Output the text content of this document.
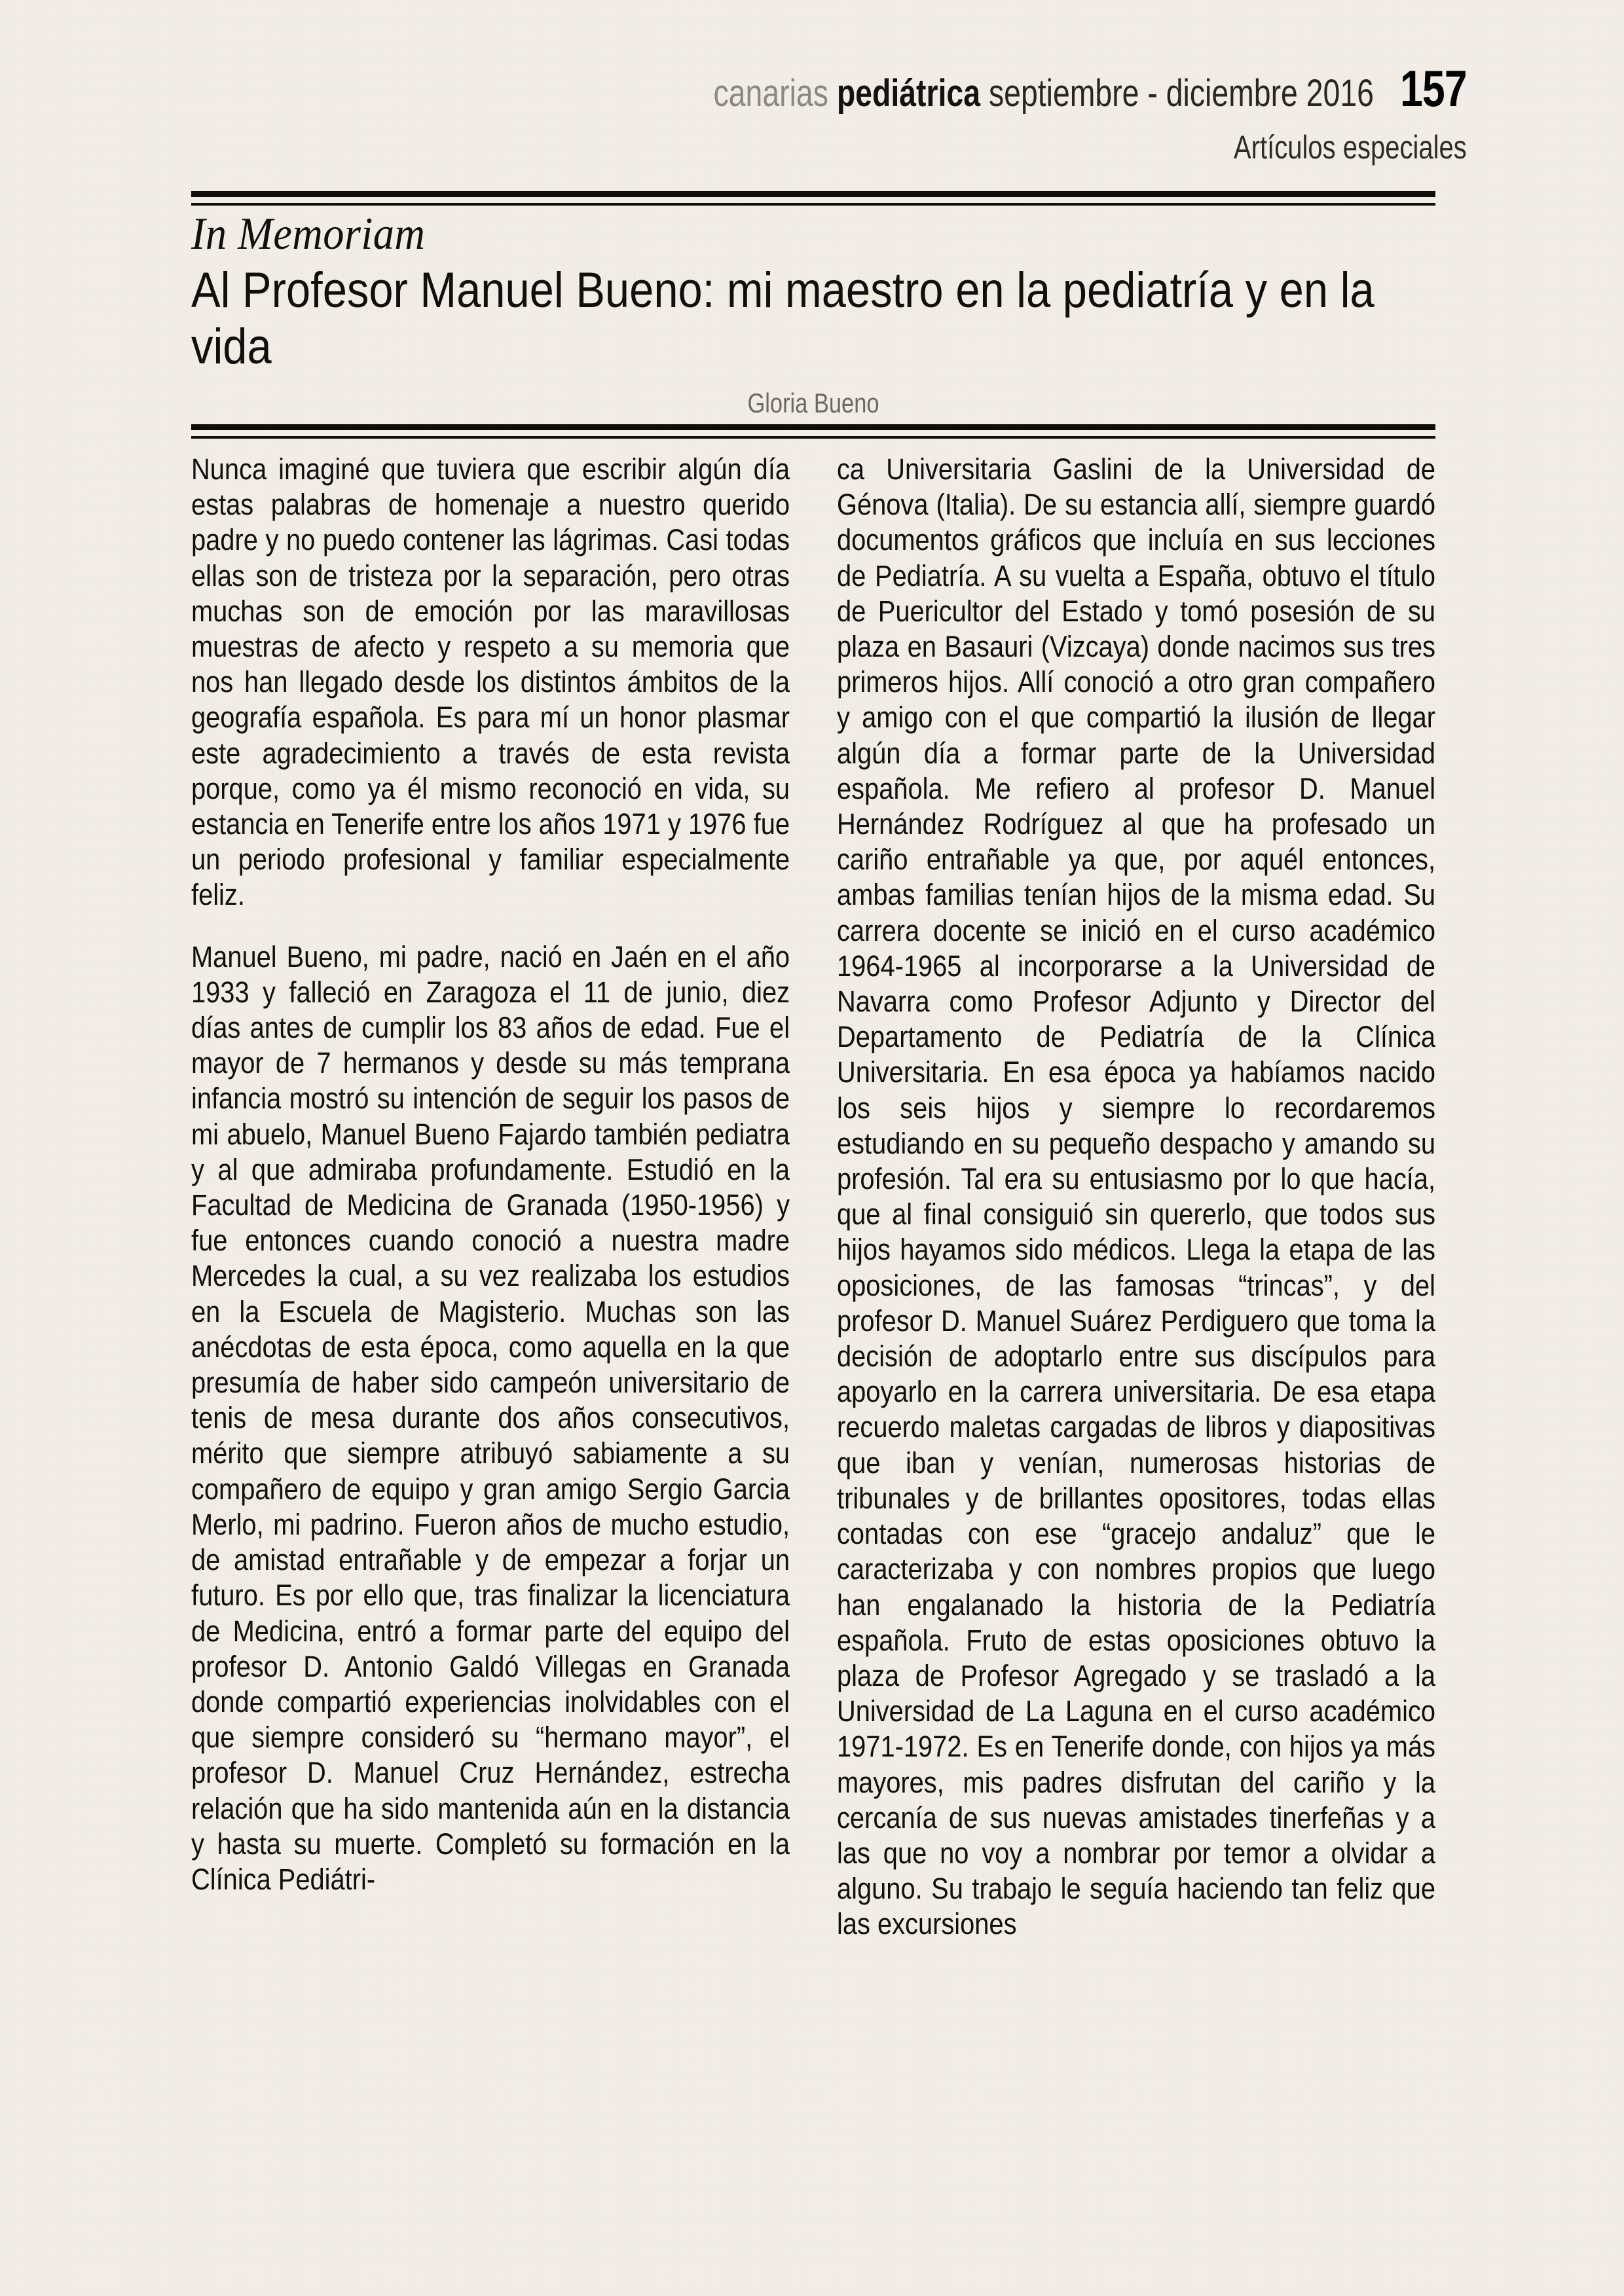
canarias pediátrica septiembre - diciembre 2016 157
Artículos especiales
In Memoriam
Al Profesor Manuel Bueno: mi maestro en la pediatría y en la vida
Gloria Bueno

Nunca imaginé que tuviera que escribir algún día estas palabras de homenaje a nuestro querido padre y no puedo contener las lágrimas. Casi todas ellas son de tristeza por la separación, pero otras muchas son de emoción por las maravillosas muestras de afecto y respeto a su memoria que nos han llegado desde los distintos ámbitos de la geografía española. Es para mí un honor plasmar este agradecimiento a través de esta revista porque, como ya él mismo reconoció en vida, su estancia en Tenerife entre los años 1971 y 1976 fue un periodo profesional y familiar especialmente feliz.

Manuel Bueno, mi padre, nació en Jaén en el año 1933 y falleció en Zaragoza el 11 de junio, diez días antes de cumplir los 83 años de edad. Fue el mayor de 7 hermanos y desde su más temprana infancia mostró su intención de seguir los pasos de mi abuelo, Manuel Bueno Fajardo también pediatra y al que admiraba profundamente. Estudió en la Facultad de Medicina de Granada (1950-1956) y fue entonces cuando conoció a nuestra madre Mercedes la cual, a su vez realizaba los estudios en la Escuela de Magisterio. Muchas son las anécdotas de esta época, como aquella en la que presumía de haber sido campeón universitario de tenis de mesa durante dos años consecutivos, mérito que siempre atribuyó sabiamente a su compañero de equipo y gran amigo Sergio Garcia Merlo, mi padrino. Fueron años de mucho estudio, de amistad entrañable y de empezar a forjar un futuro. Es por ello que, tras finalizar la licenciatura de Medicina, entró a formar parte del equipo del profesor D. Antonio Galdó Villegas en Granada donde compartió experiencias inolvidables con el que siempre consideró su “hermano mayor”, el profesor D. Manuel Cruz Hernández, estrecha relación que ha sido mantenida aún en la distancia y hasta su muerte. Completó su formación en la Clínica Pediátri-

ca Universitaria Gaslini de la Universidad de Génova (Italia). De su estancia allí, siempre guardó documentos gráficos que incluía en sus lecciones de Pediatría. A su vuelta a España, obtuvo el título de Puericultor del Estado y tomó posesión de su plaza en Basauri (Vizcaya) donde nacimos sus tres primeros hijos. Allí conoció a otro gran compañero y amigo con el que compartió la ilusión de llegar algún día a formar parte de la Universidad española. Me refiero al profesor D. Manuel Hernández Rodríguez al que ha profesado un cariño entrañable ya que, por aquél entonces, ambas familias tenían hijos de la misma edad. Su carrera docente se inició en el curso académico 1964-1965 al incorporarse a la Universidad de Navarra como Profesor Adjunto y Director del Departamento de Pediatría de la Clínica Universitaria. En esa época ya habíamos nacido los seis hijos y siempre lo recordaremos estudiando en su pequeño despacho y amando su profesión. Tal era su entusiasmo por lo que hacía, que al final consiguió sin quererlo, que todos sus hijos hayamos sido médicos. Llega la etapa de las oposiciones, de las famosas “trincas”, y del profesor D. Manuel Suárez Perdiguero que toma la decisión de adoptarlo entre sus discípulos para apoyarlo en la carrera universitaria. De esa etapa recuerdo maletas cargadas de libros y diapositivas que iban y venían, numerosas historias de tribunales y de brillantes opositores, todas ellas contadas con ese “gracejo andaluz” que le caracterizaba y con nombres propios que luego han engalanado la historia de la Pediatría española. Fruto de estas oposiciones obtuvo la plaza de Profesor Agregado y se trasladó a la Universidad de La Laguna en el curso académico 1971-1972. Es en Tenerife donde, con hijos ya más mayores, mis padres disfrutan del cariño y la cercanía de sus nuevas amistades tinerfeñas y a las que no voy a nombrar por temor a olvidar a alguno. Su trabajo le seguía haciendo tan feliz que las excursiones
